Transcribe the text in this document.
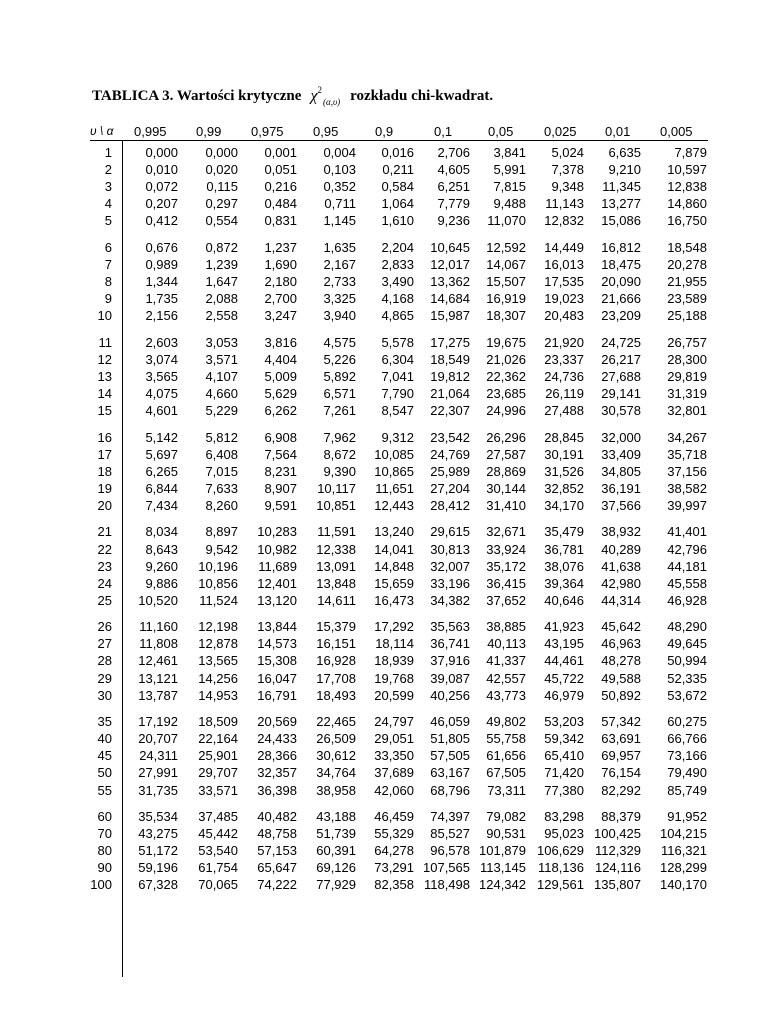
TABLICA 3. Wartości krytyczne $\chi^2_{(\alpha,\upsilon)}$ rozkładu chi-kwadrat.
υ \ α	0,995 0,99 0,975 0,95	0,9	0,1	0,05 0,025 0,01 0,005
1	0,000	0,000	0,001	0,004	0,016	2,706	3,841	5,024	6,635	7,879
2	0,010	0,020	0,051	0,103	0,211	4,605	5,991	7,378	9,210	10,597
3	0,072	0,115	0,216	0,352	0,584	6,251	7,815	9,348	11,345	12,838
4	0,207	0,297	0,484	0,711	1,064	7,779	9,488	11,143	13,277	14,860
5	0,412	0,554	0,831	1,145	1,610	9,236	11,070	12,832	15,086	16,750
6	0,676	0,872	1,237	1,635	2,204	10,645	12,592	14,449	16,812	18,548
7	0,989	1,239	1,690	2,167	2,833	12,017	14,067	16,013	18,475	20,278
8	1,344	1,647	2,180	2,733	3,490	13,362	15,507	17,535	20,090	21,955
9	1,735	2,088	2,700	3,325	4,168	14,684	16,919	19,023	21,666	23,589
10	2,156	2,558	3,247	3,940	4,865	15,987	18,307	20,483	23,209	25,188
11	2,603	3,053	3,816	4,575	5,578	17,275	19,675	21,920	24,725	26,757
12	3,074	3,571	4,404	5,226	6,304	18,549	21,026	23,337	26,217	28,300
13	3,565	4,107	5,009	5,892	7,041	19,812	22,362	24,736	27,688	29,819
14	4,075	4,660	5,629	6,571	7,790	21,064	23,685	26,119	29,141	31,319
15	4,601	5,229	6,262	7,261	8,547	22,307	24,996	27,488	30,578	32,801
16	5,142	5,812	6,908	7,962	9,312	23,542	26,296	28,845	32,000	34,267
17	5,697	6,408	7,564	8,672	10,085	24,769	27,587	30,191	33,409	35,718
18	6,265	7,015	8,231	9,390	10,865	25,989	28,869	31,526	34,805	37,156
19	6,844	7,633	8,907	10,117	11,651	27,204	30,144	32,852	36,191	38,582
20	7,434	8,260	9,591	10,851	12,443	28,412	31,410	34,170	37,566	39,997
21	8,034	8,897	10,283	11,591	13,240	29,615	32,671	35,479	38,932	41,401
22	8,643	9,542	10,982	12,338	14,041	30,813	33,924	36,781	40,289	42,796
23	9,260	10,196	11,689	13,091	14,848	32,007	35,172	38,076	41,638	44,181
24	9,886	10,856	12,401	13,848	15,659	33,196	36,415	39,364	42,980	45,558
25	10,520	11,524	13,120	14,611	16,473	34,382	37,652	40,646	44,314	46,928
26	11,160	12,198	13,844	15,379	17,292	35,563	38,885	41,923	45,642	48,290
27	11,808	12,878	14,573	16,151	18,114	36,741	40,113	43,195	46,963	49,645
28	12,461	13,565	15,308	16,928	18,939	37,916	41,337	44,461	48,278	50,994
29	13,121	14,256	16,047	17,708	19,768	39,087	42,557	45,722	49,588	52,335
30	13,787	14,953	16,791	18,493	20,599	40,256	43,773	46,979	50,892	53,672
35	17,192	18,509	20,569	22,465	24,797	46,059	49,802	53,203	57,342	60,275
40	20,707	22,164	24,433	26,509	29,051	51,805	55,758	59,342	63,691	66,766
45	24,311	25,901	28,366	30,612	33,350	57,505	61,656	65,410	69,957	73,166
50	27,991	29,707	32,357	34,764	37,689	63,167	67,505	71,420	76,154	79,490
55	31,735	33,571	36,398	38,958	42,060	68,796	73,311	77,380	82,292	85,749
60	35,534	37,485	40,482	43,188	46,459	74,397	79,082	83,298	88,379	91,952
70	43,275	45,442	48,758	51,739	55,329	85,527	90,531	95,023 100,425	104,215
80	51,172	53,540	57,153	60,391	64,278	96,578 101,879 106,629 112,329	116,321
90	59,196	61,754	65,647	69,126	73,291 107,565 113,145 118,136 124,116	128,299
100	67,328	70,065	74,222	77,929	82,358 118,498 124,342 129,561 135,807	140,170
